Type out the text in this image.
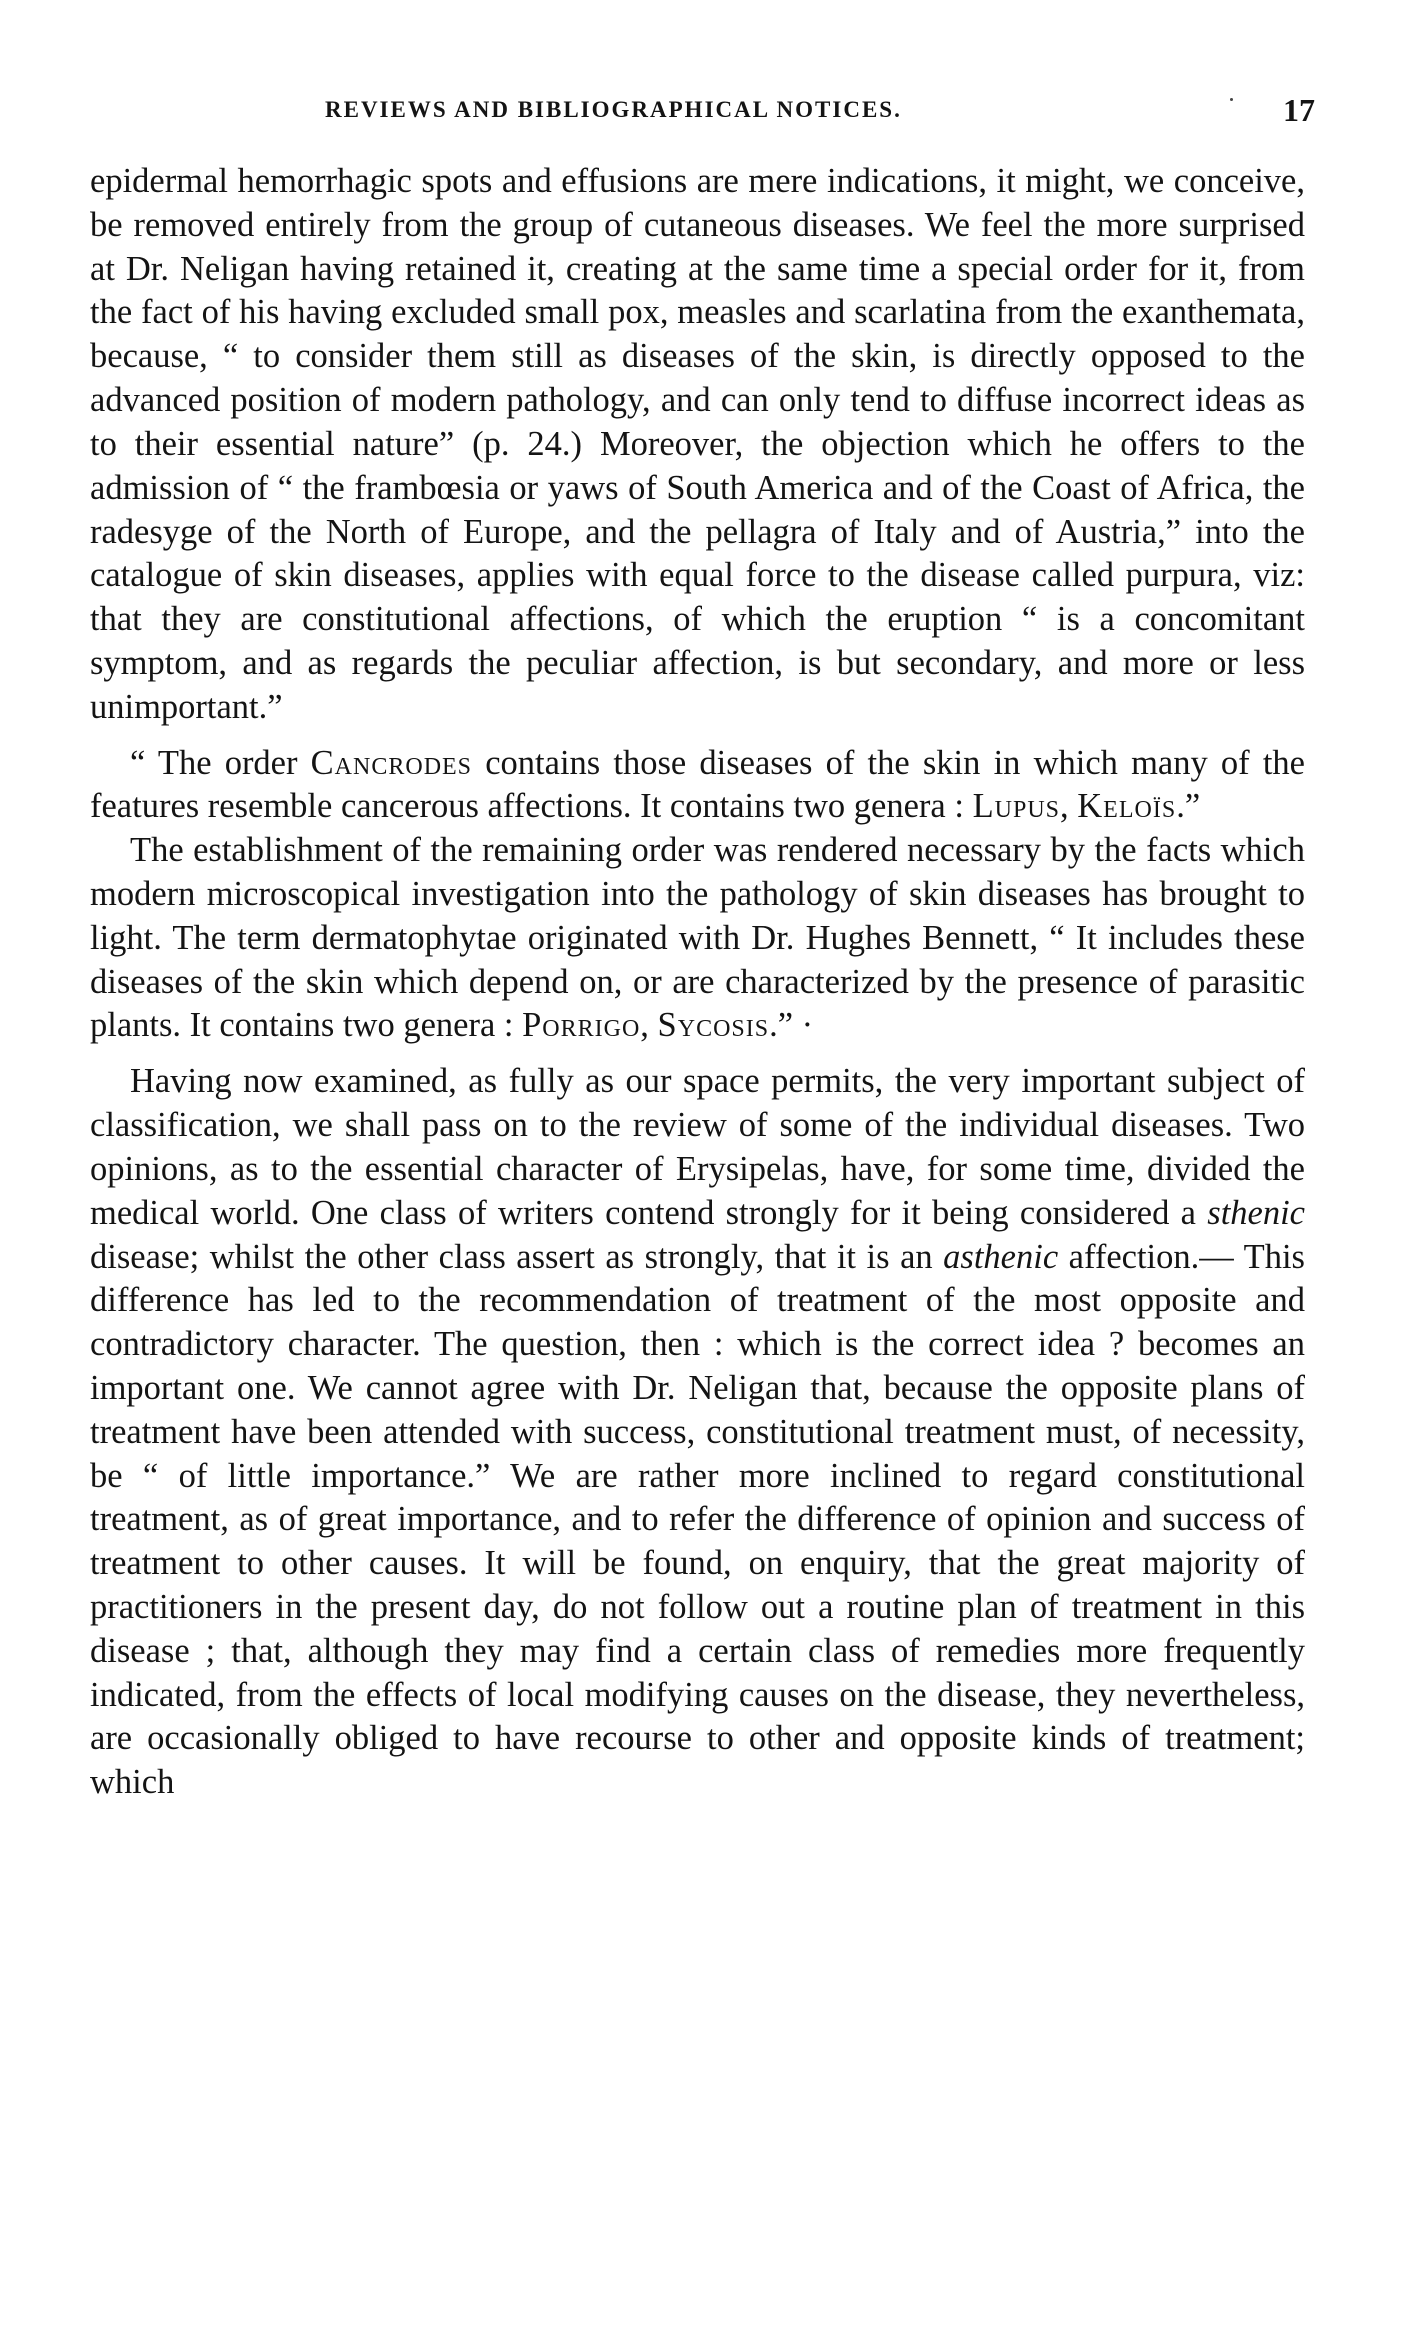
REVIEWS AND BIBLIOGRAPHICAL NOTICES.	17

epidermal hemorrhagic spots and effusions are mere indications, it might, we conceive, be removed entirely from the group of cutaneous diseases. We feel the more surprised at Dr. Neligan having retained it, creating at the same time a special order for it, from the fact of his having excluded small pox, measles and scarlatina from the exanthemata, because, “ to consider them still as diseases of the skin, is directly opposed to the advanced position of modern pathology, and can only tend to diffuse incorrect ideas as to their essential nature” (p. 24.) Moreover, the objection which he offers to the admission of “ the frambœsia or yaws of South America and of the Coast of Africa, the radesyge of the North of Europe, and the pellagra of Italy and of Austria,” into the catalogue of skin diseases, applies with equal force to the disease called purpura, viz: that they are constitutional affections, of which the eruption “ is a concomitant symptom, and as regards the peculiar affection, is but secondary, and more or less unimportant.”

“ The order Cancrodes contains those diseases of the skin in which many of the features resemble cancerous affections. It contains two genera : Lupus, Keloïs.”

The establishment of the remaining order was rendered necessary by the facts which modern microscopical investigation into the pathology of skin diseases has brought to light. The term dermatophytae originated with Dr. Hughes Bennett, “ It includes these diseases of the skin which depend on, or are characterized by the presence of parasitic plants. It contains two genera : Porrigo, Sycosis.” ·

Having now examined, as fully as our space permits, the very important subject of classification, we shall pass on to the review of some of the individual diseases. Two opinions, as to the essential character of Erysipelas, have, for some time, divided the medical world. One class of writers contend strongly for it being considered a sthenic disease; whilst the other class assert as strongly, that it is an asthenic affection.— This difference has led to the recommendation of treatment of the most opposite and contradictory character. The question, then : which is the correct idea ? becomes an important one. We cannot agree with Dr. Neligan that, because the opposite plans of treatment have been attended with success, constitutional treatment must, of necessity, be “ of little importance.” We are rather more inclined to regard constitutional treatment, as of great importance, and to refer the difference of opinion and success of treatment to other causes. It will be found, on enquiry, that the great majority of practitioners in the present day, do not follow out a routine plan of treatment in this disease ; that, although they may find a certain class of remedies more frequently indicated, from the effects of local modifying causes on the disease, they nevertheless, are occasionally obliged to have recourse to other and opposite kinds of treatment; which
